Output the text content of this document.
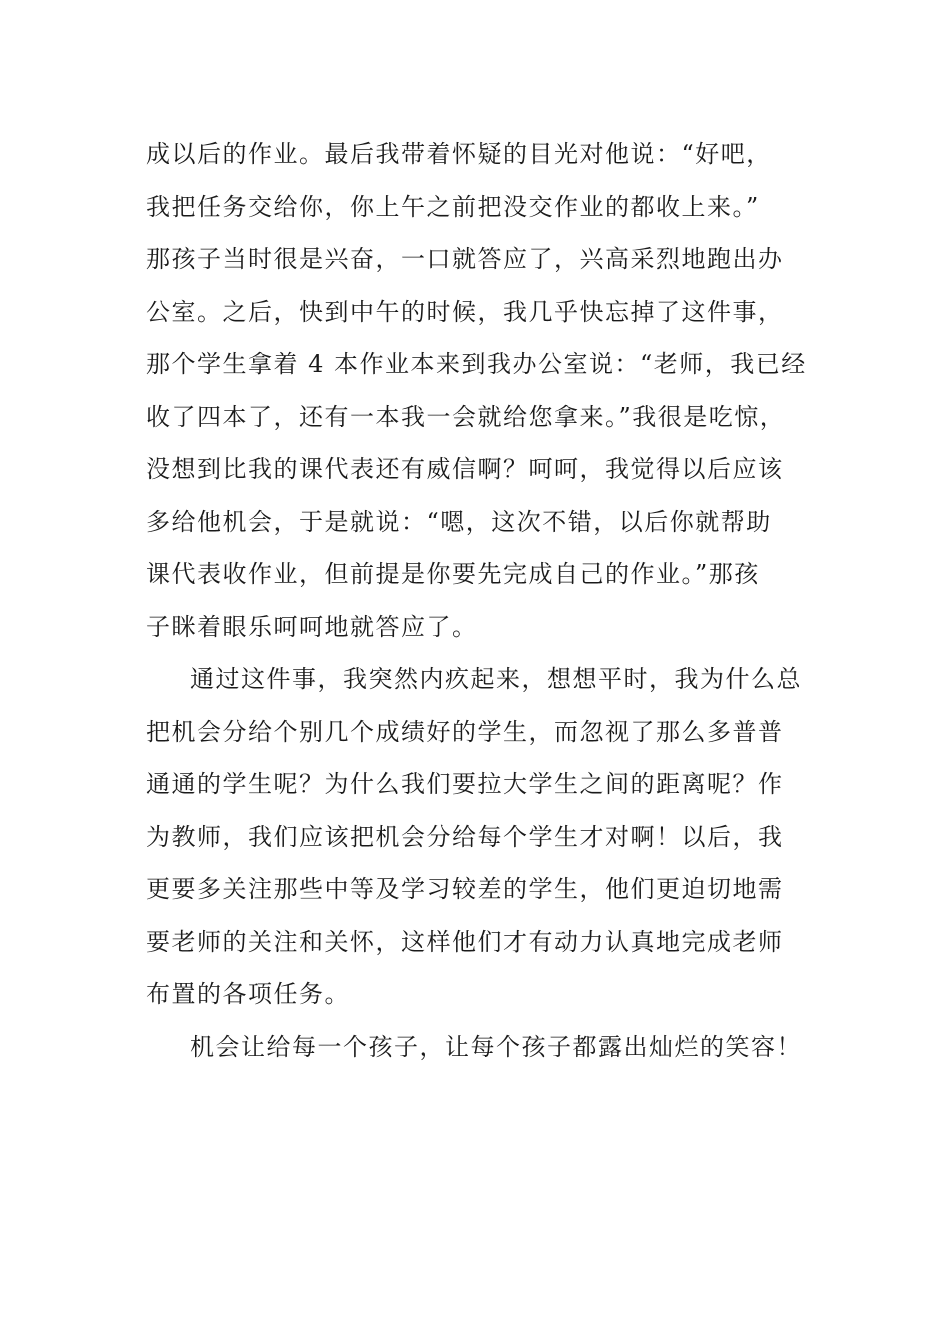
成以后的作业。最后我带着怀疑的目光对他说：“好吧，
我把任务交给你，你上午之前把没交作业的都收上来。”
那孩子当时很是兴奋，一口就答应了，兴高采烈地跑出办
公室。之后，快到中午的时候，我几乎快忘掉了这件事，
那个学生拿着 4 本作业本来到我办公室说：“老师，我已经
收了四本了，还有一本我一会就给您拿来。”我很是吃惊，
没想到比我的课代表还有威信啊？呵呵，我觉得以后应该
多给他机会，于是就说：“嗯，这次不错，以后你就帮助
课代表收作业，但前提是你要先完成自己的作业。”那孩
子眯着眼乐呵呵地就答应了。
通过这件事，我突然内疚起来，想想平时，我为什么总
把机会分给个别几个成绩好的学生，而忽视了那么多普普
通通的学生呢？为什么我们要拉大学生之间的距离呢？作
为教师，我们应该把机会分给每个学生才对啊！以后，我
更要多关注那些中等及学习较差的学生，他们更迫切地需
要老师的关注和关怀，这样他们才有动力认真地完成老师
布置的各项任务。
机会让给每一个孩子，让每个孩子都露出灿烂的笑容！
